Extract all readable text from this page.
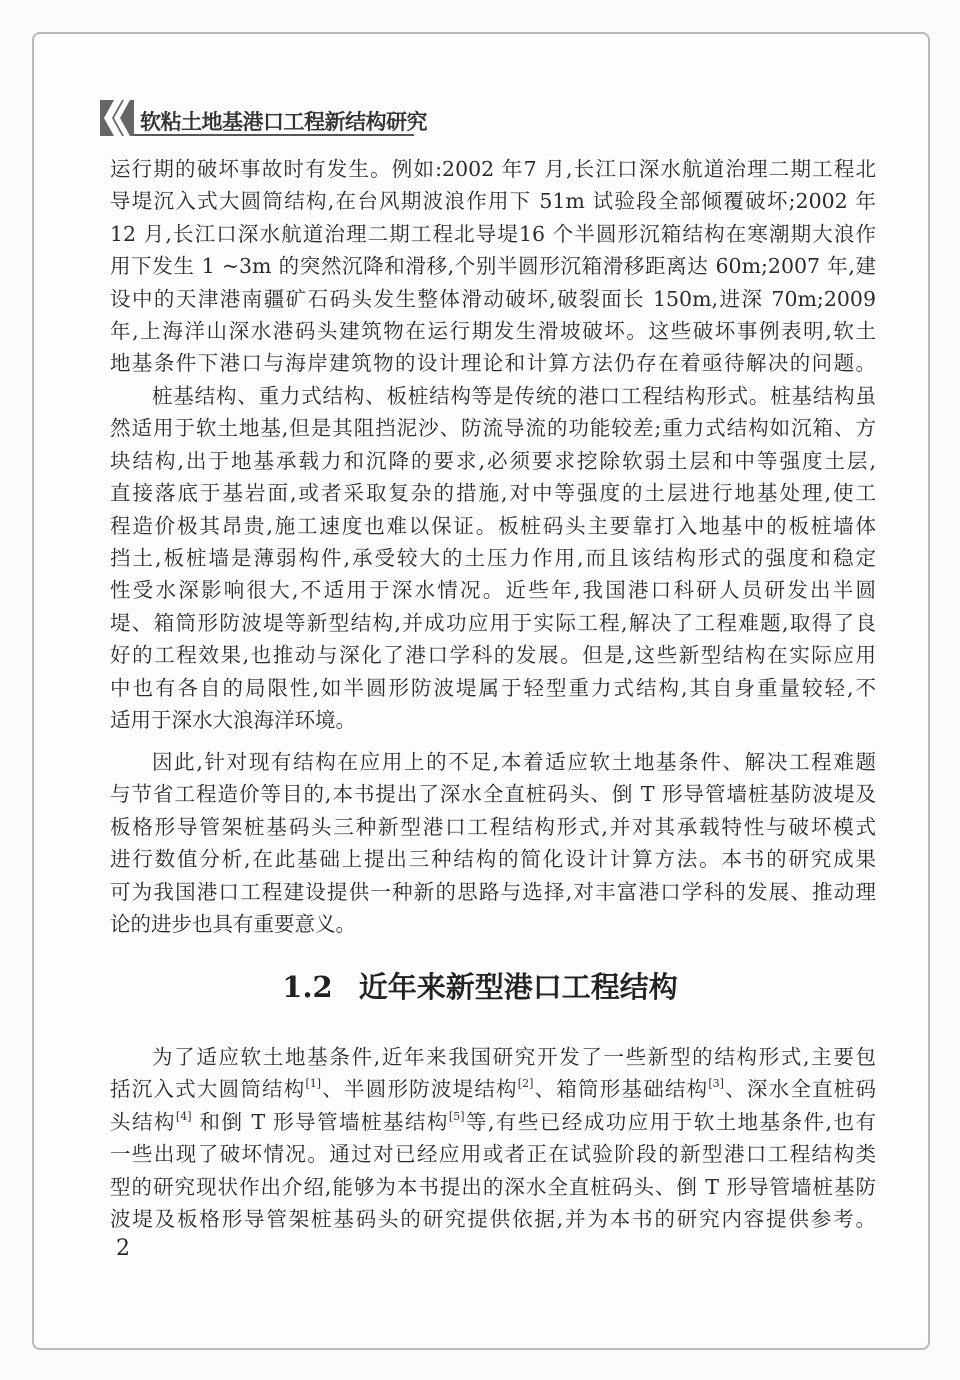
软粘土地基港口工程新结构研究
运行期的破坏事故时有发生。例如:2002 年7 月,长江口深水航道治理二期工程北
导堤沉入式大圆筒结构,在台风期波浪作用下 51m 试验段全部倾覆破坏;2002 年
12 月,长江口深水航道治理二期工程北导堤16 个半圆形沉箱结构在寒潮期大浪作
用下发生 1 ~3m 的突然沉降和滑移,个别半圆形沉箱滑移距离达 60m;2007 年,建
设中的天津港南疆矿石码头发生整体滑动破坏,破裂面长 150m,进深 70m;2009
年,上海洋山深水港码头建筑物在运行期发生滑坡破坏。这些破坏事例表明,软土
地基条件下港口与海岸建筑物的设计理论和计算方法仍存在着亟待解决的问题。
桩基结构、重力式结构、板桩结构等是传统的港口工程结构形式。桩基结构虽
然适用于软土地基,但是其阻挡泥沙、防流导流的功能较差;重力式结构如沉箱、方
块结构,出于地基承载力和沉降的要求,必须要求挖除软弱土层和中等强度土层,
直接落底于基岩面,或者采取复杂的措施,对中等强度的土层进行地基处理,使工
程造价极其昂贵,施工速度也难以保证。板桩码头主要靠打入地基中的板桩墙体
挡土,板桩墙是薄弱构件,承受较大的土压力作用,而且该结构形式的强度和稳定
性受水深影响很大,不适用于深水情况。近些年,我国港口科研人员研发出半圆
堤、箱筒形防波堤等新型结构,并成功应用于实际工程,解决了工程难题,取得了良
好的工程效果,也推动与深化了港口学科的发展。但是,这些新型结构在实际应用
中也有各自的局限性,如半圆形防波堤属于轻型重力式结构,其自身重量较轻,不
适用于深水大浪海洋环境。
因此,针对现有结构在应用上的不足,本着适应软土地基条件、解决工程难题
与节省工程造价等目的,本书提出了深水全直桩码头、倒 T 形导管墙桩基防波堤及
板格形导管架桩基码头三种新型港口工程结构形式,并对其承载特性与破坏模式
进行数值分析,在此基础上提出三种结构的简化设计计算方法。本书的研究成果
可为我国港口工程建设提供一种新的思路与选择,对丰富港口学科的发展、推动理
论的进步也具有重要意义。
1.2 近年来新型港口工程结构
为了适应软土地基条件,近年来我国研究开发了一些新型的结构形式,主要包
括沉入式大圆筒结构[1]、半圆形防波堤结构[2]、箱筒形基础结构[3]、深水全直桩码
头结构[4] 和倒 T 形导管墙桩基结构[5]等,有些已经成功应用于软土地基条件,也有
一些出现了破坏情况。通过对已经应用或者正在试验阶段的新型港口工程结构类
型的研究现状作出介绍,能够为本书提出的深水全直桩码头、倒 T 形导管墙桩基防
波堤及板格形导管架桩基码头的研究提供依据,并为本书的研究内容提供参考。
2
